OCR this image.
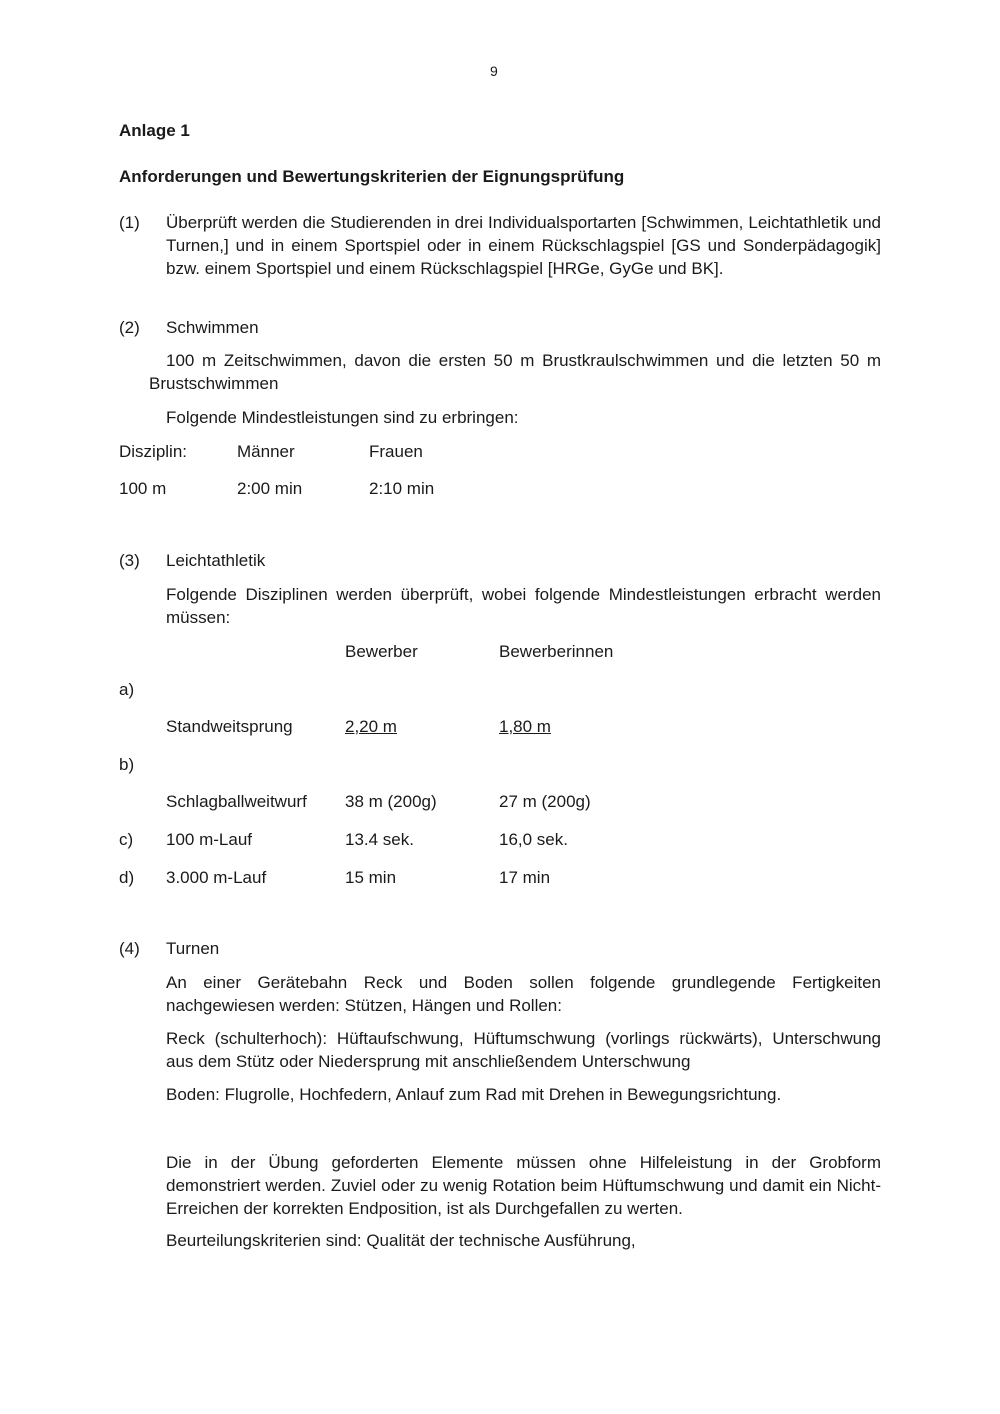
9
Anlage 1
Anforderungen und Bewertungskriterien der Eignungsprüfung
(1) Überprüft werden die Studierenden in drei Individualsportarten [Schwimmen, Leichtathletik und Turnen,] und in einem Sportspiel oder in einem Rückschlagspiel [GS und Sonderpädagogik] bzw. einem Sportspiel und einem Rückschlagspiel [HRGe, GyGe und BK].
(2) Schwimmen
100 m Zeitschwimmen, davon die ersten 50 m Brustkraulschwimmen und die letzten 50 m
Brustschwimmen
Folgende Mindestleistungen sind zu erbringen:
Disziplin:	Männer	Frauen
100 m	2:00 min	2:10 min
(3) Leichtathletik
Folgende Disziplinen werden überprüft, wobei folgende Mindestleistungen erbracht werden müssen:
Bewerber	Bewerberinnen
a)
Standweitsprung	2,20 m	1,80 m
b)
Schlagballweitwurf 38 m (200g)	27 m (200g)
c) 100 m-Lauf	13.4 sek.	16,0 sek.
d) 3.000 m-Lauf	15 min	17 min
(4) Turnen
An einer Gerätebahn Reck und Boden sollen folgende grundlegende Fertigkeiten nachgewiesen werden: Stützen, Hängen und Rollen:
Reck (schulterhoch): Hüftaufschwung, Hüftumschwung (vorlings rückwärts), Unterschwung aus dem Stütz oder Niedersprung mit anschließendem Unterschwung
Boden: Flugrolle, Hochfedern, Anlauf zum Rad mit Drehen in Bewegungsrichtung.
Die in der Übung geforderten Elemente müssen ohne Hilfeleistung in der Grobform demonstriert werden. Zuviel oder zu wenig Rotation beim Hüftumschwung und damit ein Nicht-Erreichen der korrekten Endposition, ist als Durchgefallen zu werten.
Beurteilungskriterien sind: Qualität der technische Ausführung,
